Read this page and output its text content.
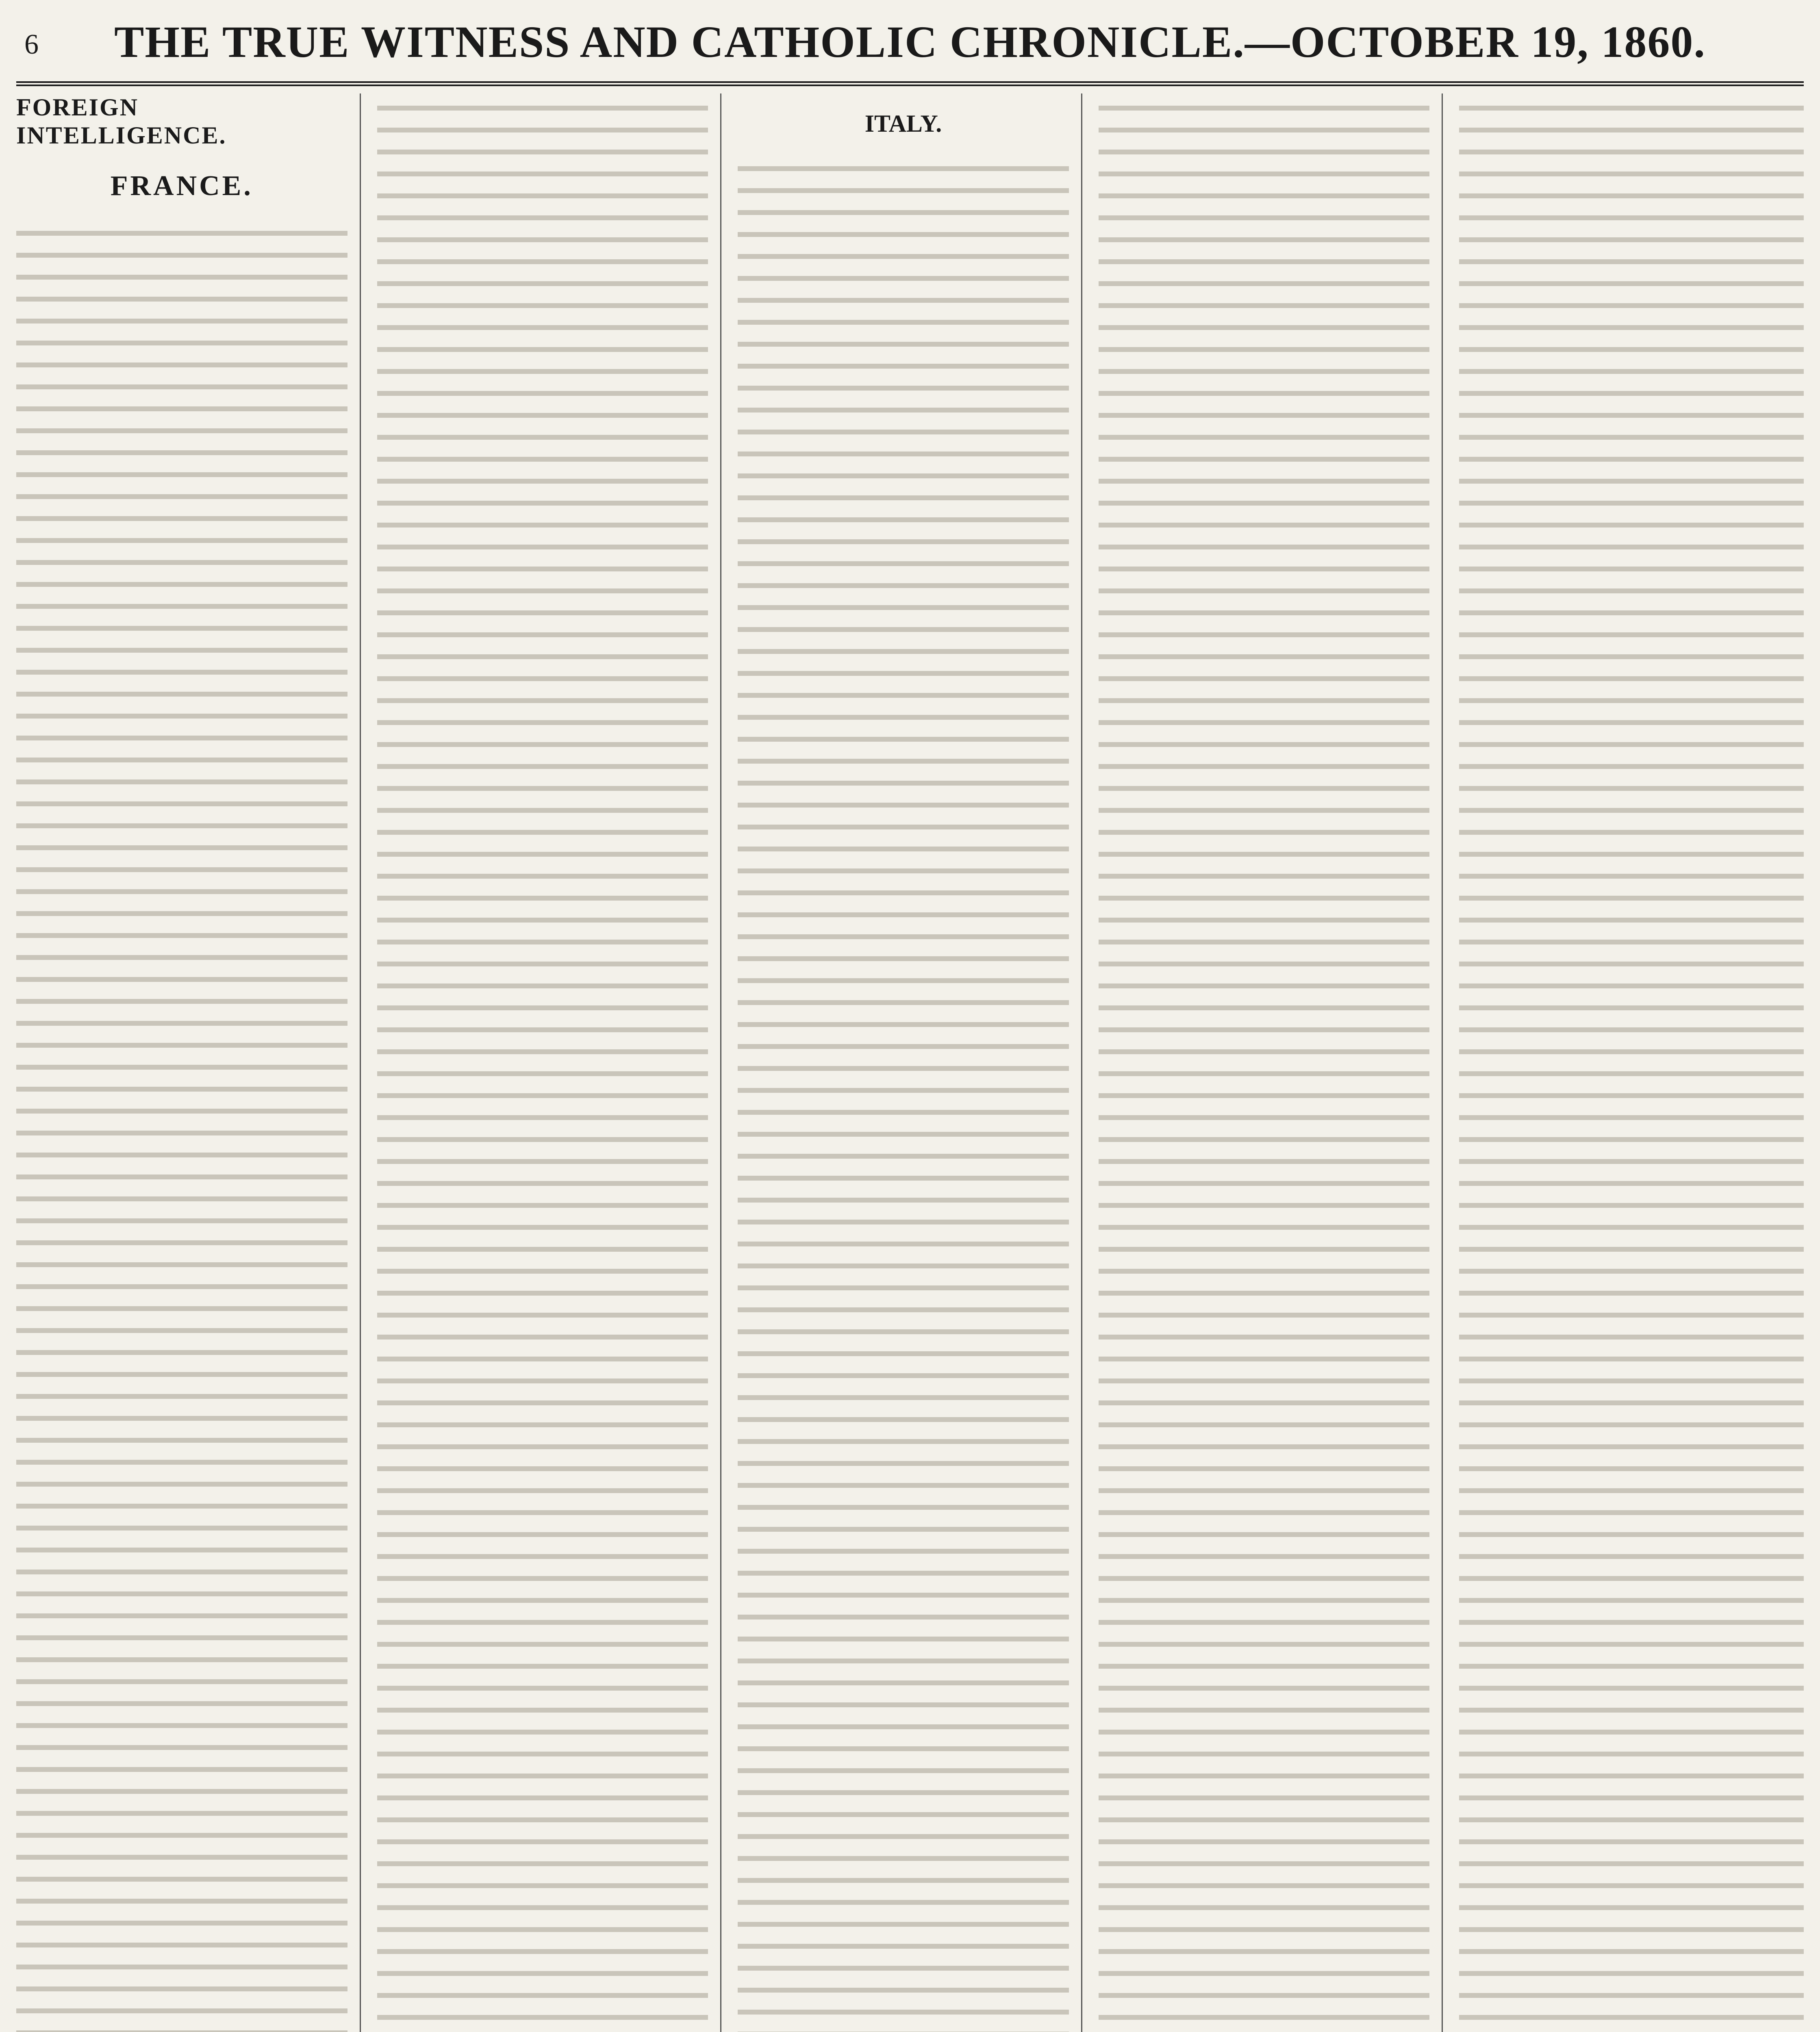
6	THE TRUE WITNESS AND CATHOLIC CHRONICLE.—OCTOBER 19, 1860.
FOREIGN INTELLIGENCE.
FRANCE.
ITALY.
